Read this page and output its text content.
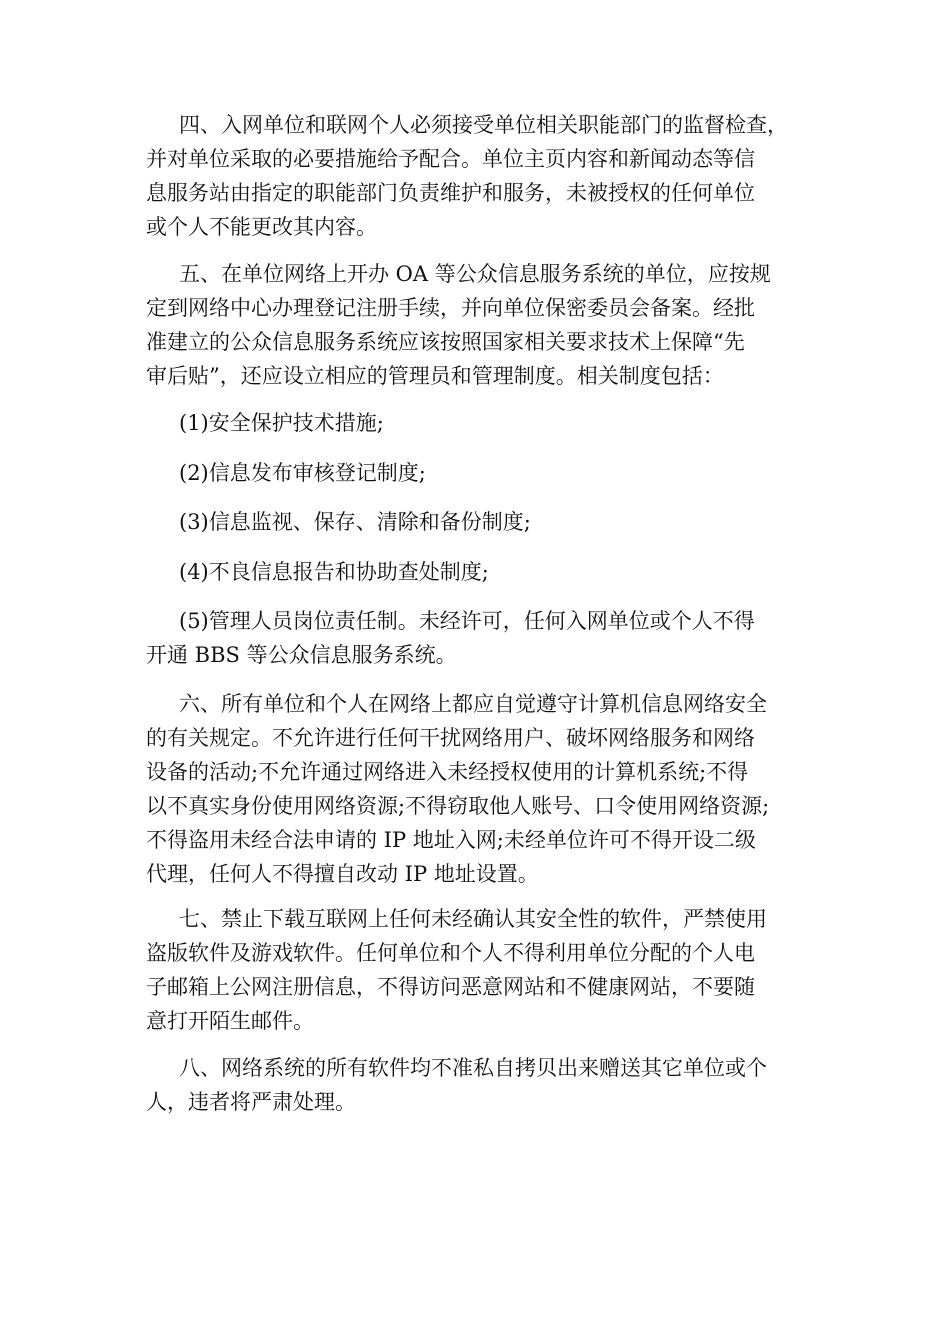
四、入网单位和联网个人必须接受单位相关职能部门的监督检查，
并对单位采取的必要措施给予配合。单位主页内容和新闻动态等信
息服务站由指定的职能部门负责维护和服务，未被授权的任何单位
或个人不能更改其内容。

五、在单位网络上开办 OA 等公众信息服务系统的单位，应按规
定到网络中心办理登记注册手续，并向单位保密委员会备案。经批
准建立的公众信息服务系统应该按照国家相关要求技术上保障“先
审后贴”，还应设立相应的管理员和管理制度。相关制度包括：

(1)安全保护技术措施;

(2)信息发布审核登记制度;

(3)信息监视、保存、清除和备份制度;

(4)不良信息报告和协助查处制度;

(5)管理人员岗位责任制。未经许可，任何入网单位或个人不得
开通 BBS 等公众信息服务系统。

六、所有单位和个人在网络上都应自觉遵守计算机信息网络安全
的有关规定。不允许进行任何干扰网络用户、破坏网络服务和网络
设备的活动;不允许通过网络进入未经授权使用的计算机系统;不得
以不真实身份使用网络资源;不得窃取他人账号、口令使用网络资源;
不得盗用未经合法申请的 IP 地址入网;未经单位许可不得开设二级
代理，任何人不得擅自改动 IP 地址设置。

七、禁止下载互联网上任何未经确认其安全性的软件，严禁使用
盗版软件及游戏软件。任何单位和个人不得利用单位分配的个人电
子邮箱上公网注册信息，不得访问恶意网站和不健康网站，不要随
意打开陌生邮件。

八、网络系统的所有软件均不准私自拷贝出来赠送其它单位或个
人，违者将严肃处理。
